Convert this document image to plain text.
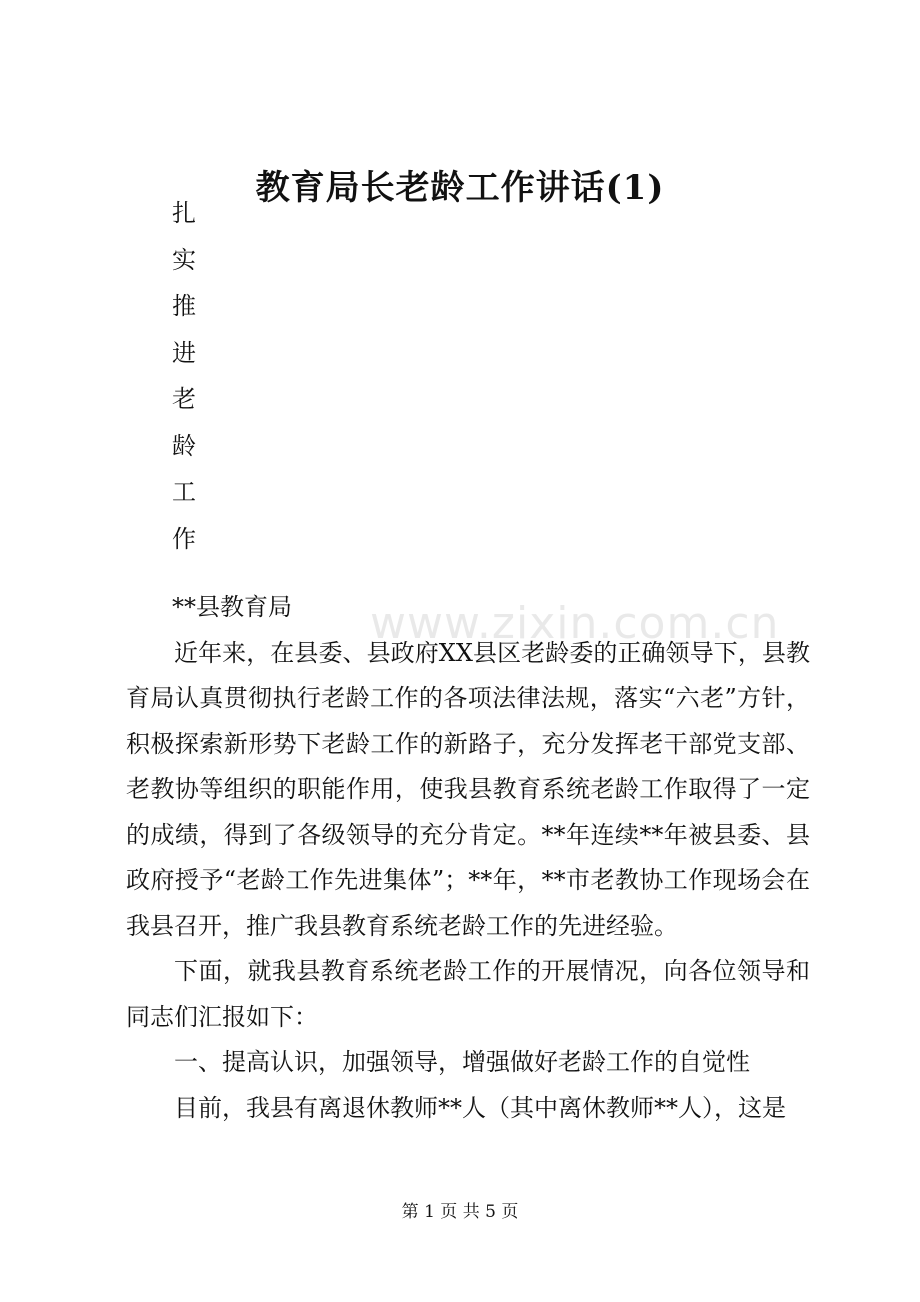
教育局长老龄工作讲话(1)
扎
实
推
进
老
龄
工
作
www.zixin.com.cn

**县教育局

近年来，在县委、县政府XX县区老龄委的正确领导下，县教育局认真贯彻执行老龄工作的各项法律法规，落实“六老”方针，积极探索新形势下老龄工作的新路子，充分发挥老干部党支部、老教协等组织的职能作用，使我县教育系统老龄工作取得了一定的成绩，得到了各级领导的充分肯定。**年连续**年被县委、县政府授予“老龄工作先进集体”；**年，**市老教协工作现场会在我县召开，推广我县教育系统老龄工作的先进经验。

下面，就我县教育系统老龄工作的开展情况，向各位领导和同志们汇报如下：

一、提高认识，加强领导，增强做好老龄工作的自觉性

目前，我县有离退休教师**人（其中离休教师**人），这是

第 1 页 共 5 页
